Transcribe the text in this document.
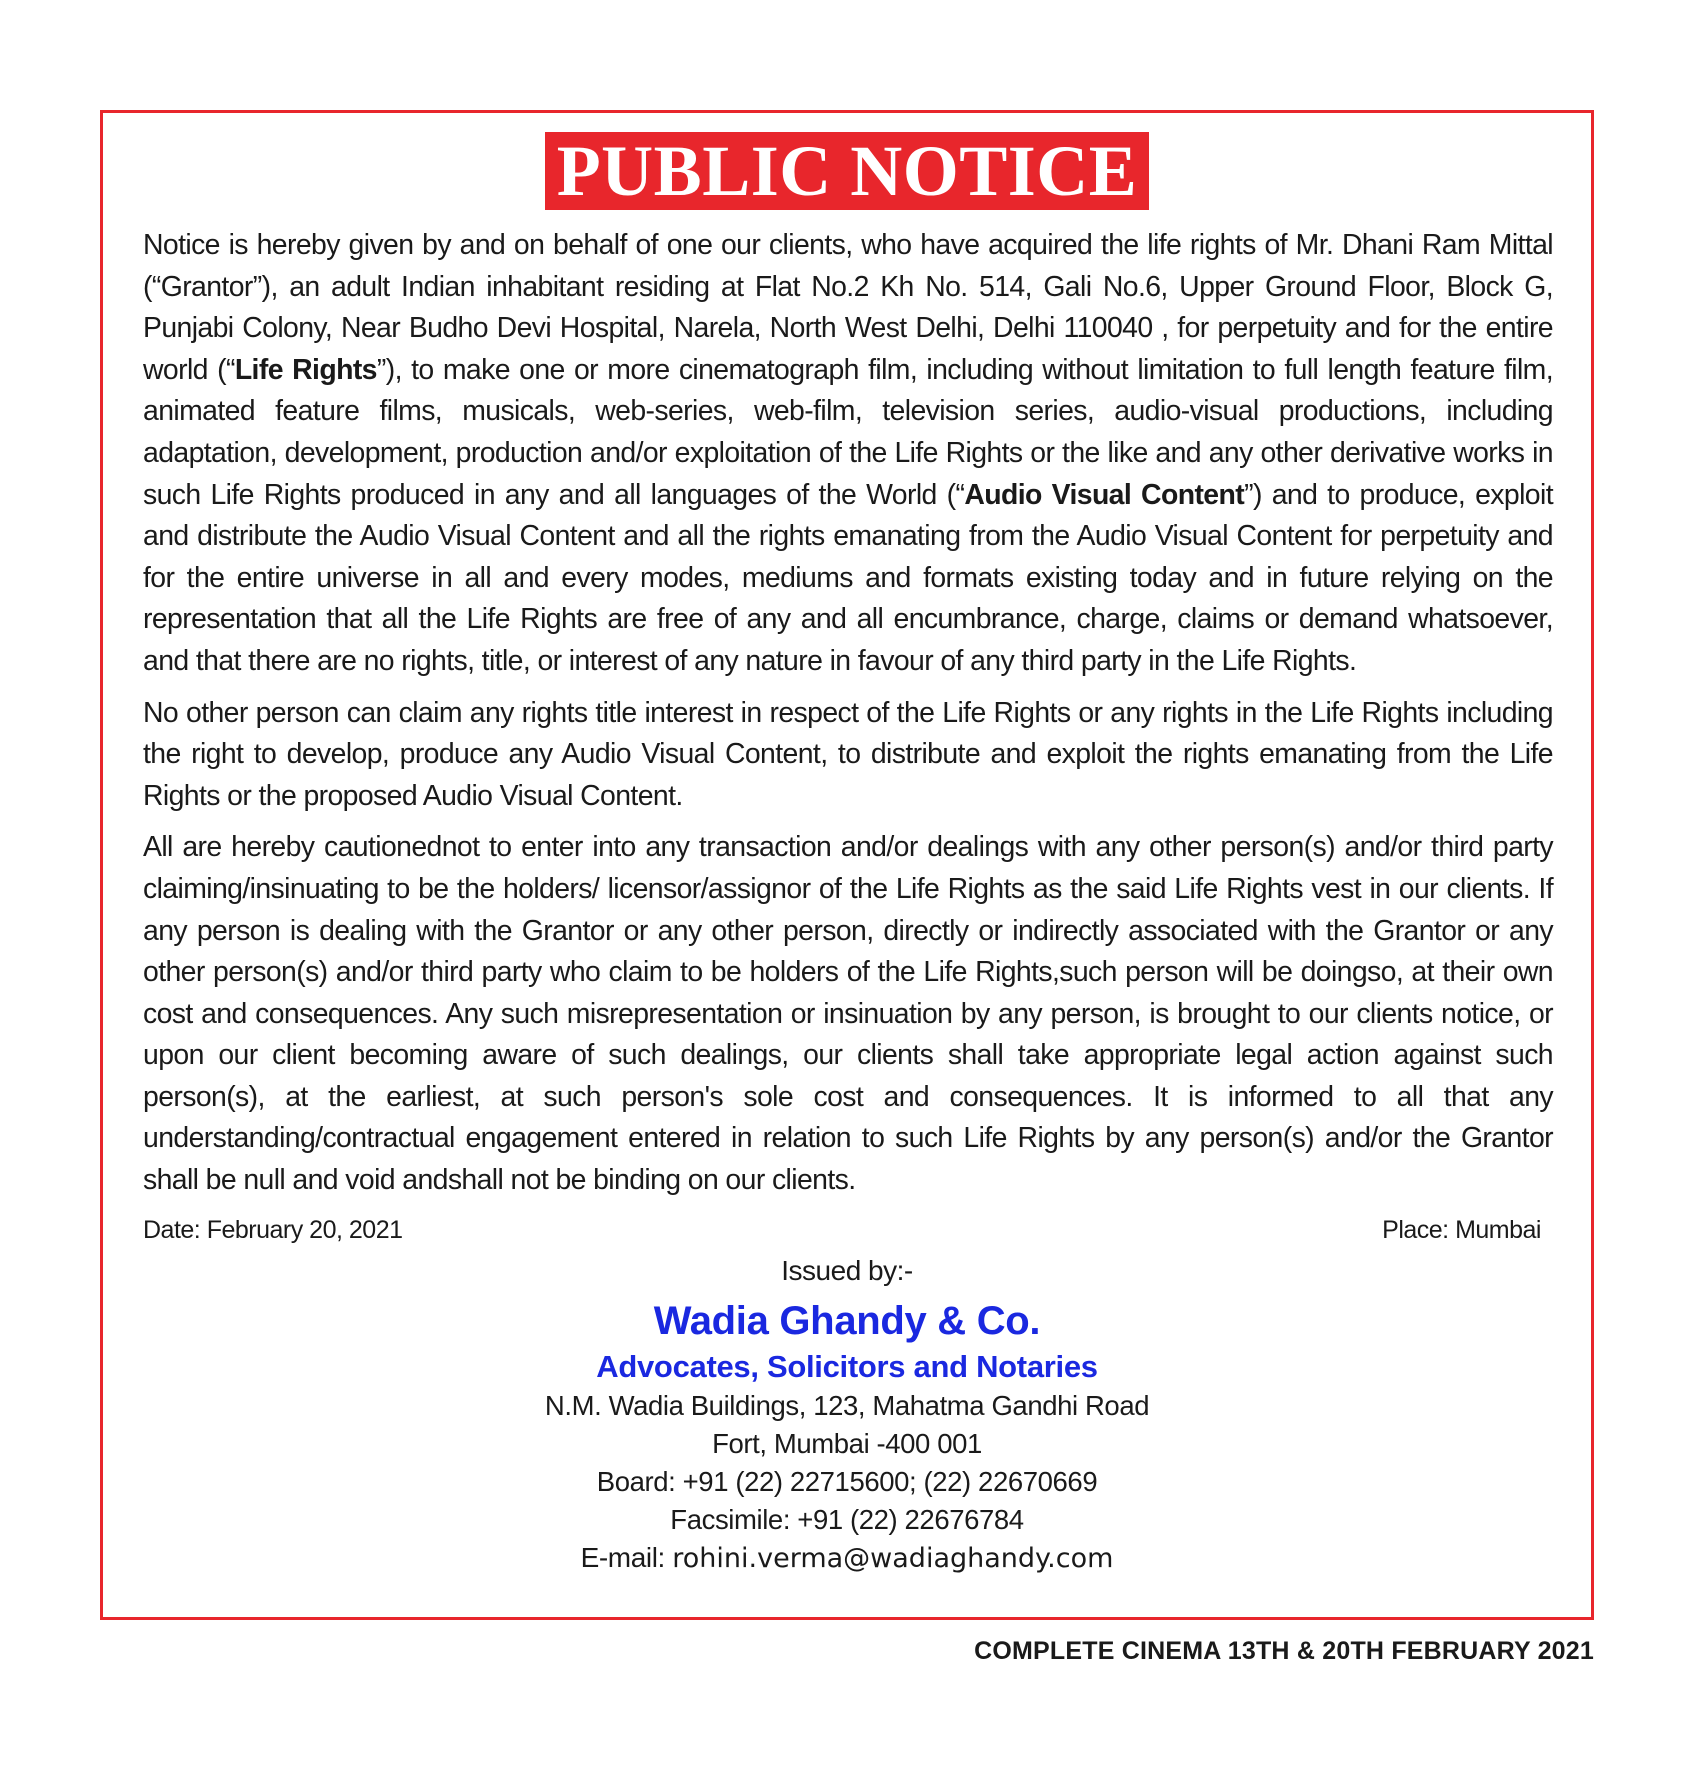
PUBLIC NOTICE

Notice is hereby given by and on behalf of one our clients, who have acquired the life rights of Mr. Dhani Ram Mittal (“Grantor”), an adult Indian inhabitant residing at Flat No.2 Kh No. 514, Gali No.6, Upper Ground Floor, Block G, Punjabi Colony, Near Budho Devi Hospital, Narela, North West Delhi, Delhi 110040 , for perpetuity and for the entire world (“Life Rights”), to make one or more cinematograph film, including without limitation to full length feature film, animated feature films, musicals, web-series, web-film, television series, audio-visual productions, including adaptation, development, production and/or exploitation of the Life Rights or the like and any other derivative works in such Life Rights produced in any and all languages of the World (“Audio Visual Content”) and to produce, exploit and distribute the Audio Visual Content and all the rights emanating from the Audio Visual Content for perpetuity and for the entire universe in all and every modes, mediums and formats existing today and in future relying on the representation that all the Life Rights are free of any and all encumbrance, charge, claims or demand whatsoever, and that there are no rights, title, or interest of any nature in favour of any third party in the Life Rights.

No other person can claim any rights title interest in respect of the Life Rights or any rights in the Life Rights including the right to develop, produce any Audio Visual Content, to distribute and exploit the rights emanating from the Life Rights or the proposed Audio Visual Content.

All are hereby cautionednot to enter into any transaction and/or dealings with any other person(s) and/or third party claiming/insinuating to be the holders/ licensor/assignor of the Life Rights as the said Life Rights vest in our clients. If any person is dealing with the Grantor or any other person, directly or indirectly associated with the Grantor or any other person(s) and/or third party who claim to be holders of the Life Rights,such person will be doingso, at their own cost and consequences. Any such misrepresentation or insinuation by any person, is brought to our clients notice, or upon our client becoming aware of such dealings, our clients shall take appropriate legal action against such person(s), at the earliest, at such person's sole cost and consequences. It is informed to all that any understanding/contractual engagement entered in relation to such Life Rights by any person(s) and/or the Grantor shall be null and void andshall not be binding on our clients.

Date: February 20, 2021	Place: Mumbai
Issued by:-
Wadia Ghandy & Co.
Advocates, Solicitors and Notaries
N.M. Wadia Buildings, 123, Mahatma Gandhi Road
Fort, Mumbai -400 001
Board: +91 (22) 22715600; (22) 22670669
Facsimile: +91 (22) 22676784
E-mail: rohini.verma@wadiaghandy.com
COMPLETE CINEMA 13TH & 20TH FEBRUARY 2021
